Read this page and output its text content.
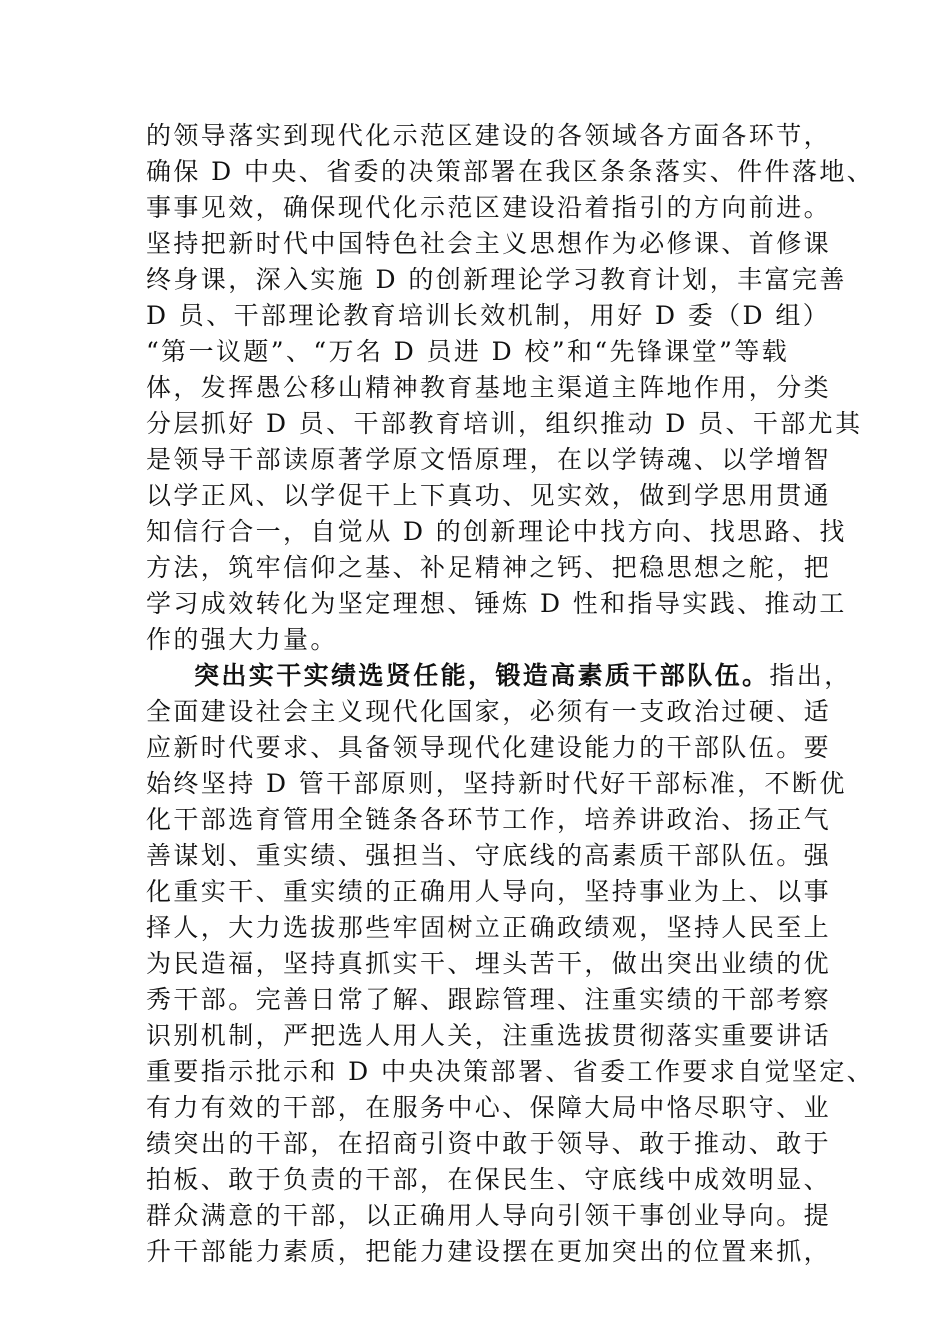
的领导落实到现代化示范区建设的各领域各方面各环节，
确保 D 中央、省委的决策部署在我区条条落实、件件落地、
事事见效，确保现代化示范区建设沿着指引的方向前进。
坚持把新时代中国特色社会主义思想作为必修课、首修课
终身课，深入实施 D 的创新理论学习教育计划，丰富完善
D 员、干部理论教育培训长效机制，用好 D 委（D 组）
“第一议题”、“万名 D 员进 D 校”和“先锋课堂”等载
体，发挥愚公移山精神教育基地主渠道主阵地作用，分类
分层抓好 D 员、干部教育培训，组织推动 D 员、干部尤其
是领导干部读原著学原文悟原理，在以学铸魂、以学增智
以学正风、以学促干上下真功、见实效，做到学思用贯通
知信行合一，自觉从 D 的创新理论中找方向、找思路、找
方法，筑牢信仰之基、补足精神之钙、把稳思想之舵，把
学习成效转化为坚定理想、锤炼 D 性和指导实践、推动工
作的强大力量。
突出实干实绩选贤任能，锻造高素质干部队伍。指出，
全面建设社会主义现代化国家，必须有一支政治过硬、适
应新时代要求、具备领导现代化建设能力的干部队伍。要
始终坚持 D 管干部原则，坚持新时代好干部标准，不断优
化干部选育管用全链条各环节工作，培养讲政治、扬正气
善谋划、重实绩、强担当、守底线的高素质干部队伍。强
化重实干、重实绩的正确用人导向，坚持事业为上、以事
择人，大力选拔那些牢固树立正确政绩观，坚持人民至上
为民造福，坚持真抓实干、埋头苦干，做出突出业绩的优
秀干部。完善日常了解、跟踪管理、注重实绩的干部考察
识别机制，严把选人用人关，注重选拔贯彻落实重要讲话
重要指示批示和 D 中央决策部署、省委工作要求自觉坚定、
有力有效的干部，在服务中心、保障大局中恪尽职守、业
绩突出的干部，在招商引资中敢于领导、敢于推动、敢于
拍板、敢于负责的干部，在保民生、守底线中成效明显、
群众满意的干部，以正确用人导向引领干事创业导向。提
升干部能力素质，把能力建设摆在更加突出的位置来抓，
